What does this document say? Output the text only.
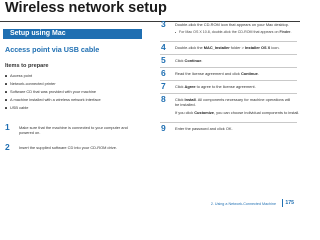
Wireless network setup
Setup using Mac
Access point via USB cable
Items to prepare
Access point
Network-connected printer
Software CD that was provided with your machine
A machine installed with a wireless network interface
USB cable
1	Make sure that the machine is connected to your computer and powered on.
2	Insert the supplied software CD into your CD-ROM drive.
3	Double-click the CD-ROM icon that appears on your Mac desktop.
For Mac OS X 10.8, double-click the CD-ROM that appears on Finder.
4	Double-click the MAC_Installer folder > Installer OS X icon.
5	Click Continue.
6	Read the license agreement and click Continue.
7	Click Agree to agree to the license agreement.
8	Click Install. All components necessary for machine operations will be installed.
If you click Customize, you can choose individual components to install.
9	Enter the password and click OK.
2. Using a Network-Connected Machine 175
